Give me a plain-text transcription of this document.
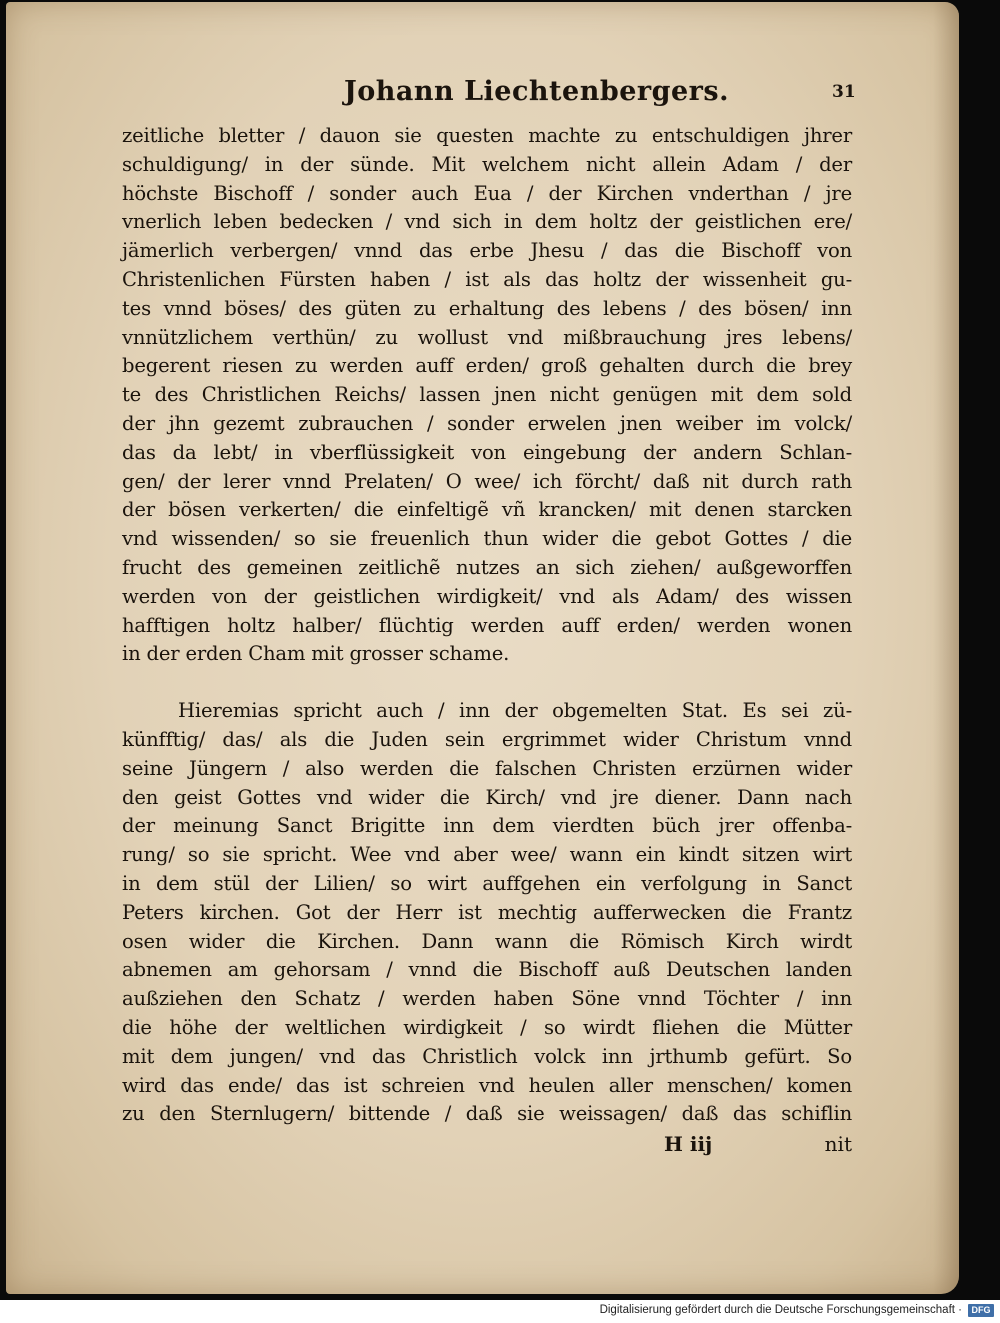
Johann Liechtenbergers.	31
zeitliche bletter / dauon sie questen machte zu entschuldigen jhrer
schuldigung/ in der sünde. Mit welchem nicht allein Adam / der
höchste Bischoff / sonder auch Eua / der Kirchen vnderthan / jre
vnerlich leben bedecken / vnd sich in dem holtz der geistlichen ere/
jämerlich verbergen/ vnnd das erbe Jhesu / das die Bischoff von
Christenlichen Fürsten haben / ist als das holtz der wissenheit gu-
tes vnnd böses/ des güten zu erhaltung des lebens / des bösen/ inn
vnnützlichem verthün/ zu wollust vnd mißbrauchung jres lebens/
begerent riesen zu werden auff erden/ groß gehalten durch die brey
te des Christlichen Reichs/ lassen jnen nicht genügen mit dem sold
der jhn gezemt zubrauchen / sonder erwelen jnen weiber im volck/
das da lebt/ in vberflüssigkeit von eingebung der andern Schlan-
gen/ der lerer vnnd Prelaten/ O wee/ ich förcht/ daß nit durch rath
der bösen verkerten/ die einfeltigẽ vñ krancken/ mit denen starcken
vnd wissenden/ so sie freuenlich thun wider die gebot Gottes / die
frucht des gemeinen zeitlichẽ nutzes an sich ziehen/ außgeworffen
werden von der geistlichen wirdigkeit/ vnd als Adam/ des wissen
hafftigen holtz halber/ flüchtig werden auff erden/ werden wonen
in der erden Cham mit grosser schame.
Hieremias spricht auch / inn der obgemelten Stat. Es sei zü-
künfftig/ das/ als die Juden sein ergrimmet wider Christum vnnd
seine Jüngern / also werden die falschen Christen erzürnen wider
den geist Gottes vnd wider die Kirch/ vnd jre diener. Dann nach
der meinung Sanct Brigitte inn dem vierdten büch jrer offenba-
rung/ so sie spricht. Wee vnd aber wee/ wann ein kindt sitzen wirt
in dem stül der Lilien/ so wirt auffgehen ein verfolgung in Sanct
Peters kirchen. Got der Herr ist mechtig aufferwecken die Frantz
osen wider die Kirchen. Dann wann die Römisch Kirch wirdt
abnemen am gehorsam / vnnd die Bischoff auß Deutschen landen
außziehen den Schatz / werden haben Söne vnnd Töchter / inn
die höhe der weltlichen wirdigkeit / so wirdt fliehen die Mütter
mit dem jungen/ vnd das Christlich volck inn jrthumb gefürt. So
wird das ende/ das ist schreien vnd heulen aller menschen/ komen
zu den Sternlugern/ bittende / daß sie weissagen/ daß das schiflin
H iij	nit
Digitalisierung gefördert durch die Deutsche Forschungsgemeinschaft ·	DFG
